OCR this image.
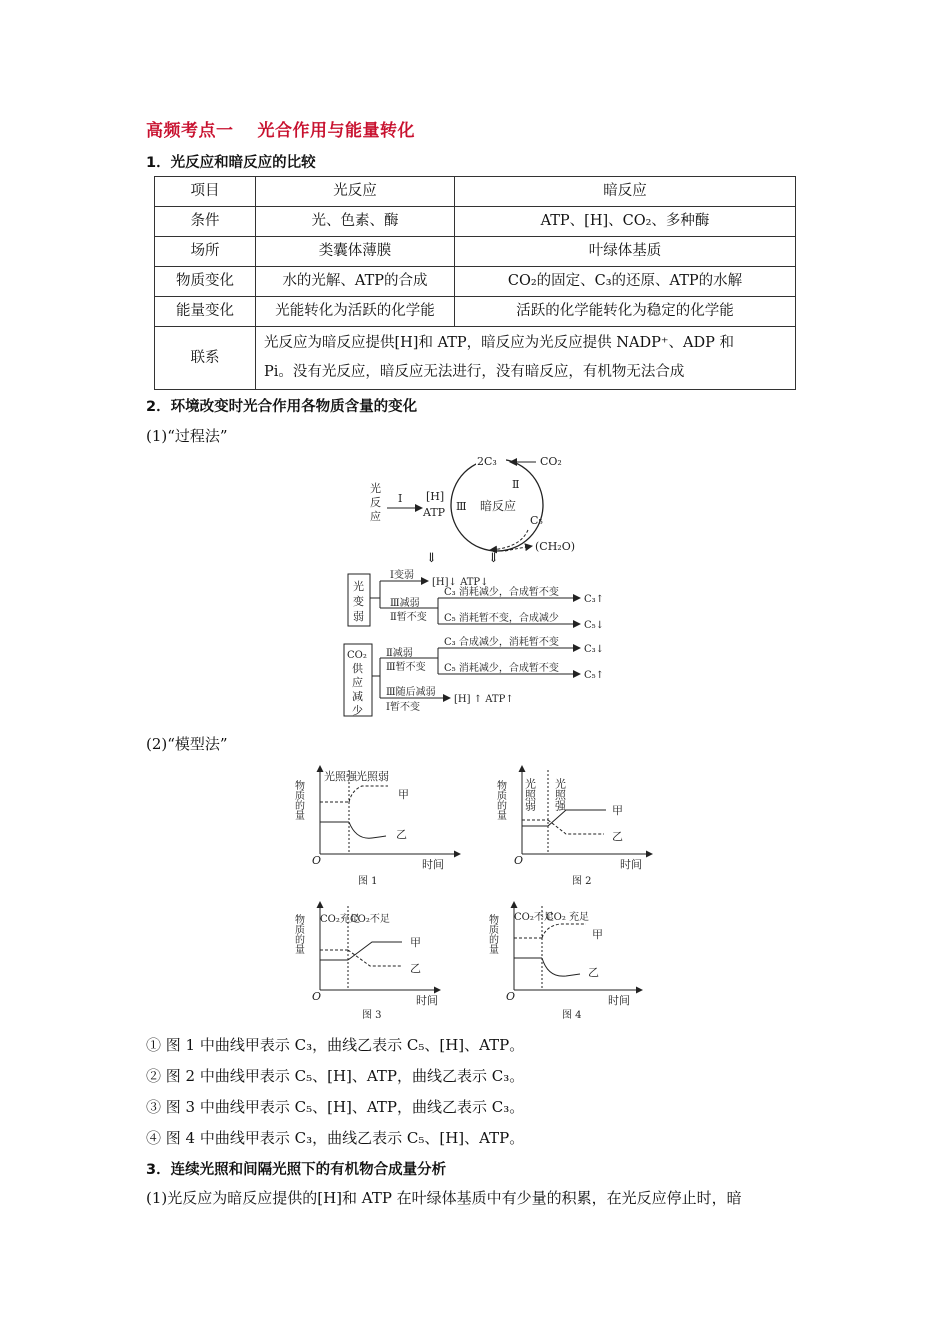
高频考点一 光合作用与能量转化
1．光反应和暗反应的比较
项目	光反应	暗反应
条件	光、色素、酶	ATP、[H]、CO₂、多种酶
场所	类囊体薄膜	叶绿体基质
物质变化	水的光解、ATP的合成	CO₂的固定、C₃的还原、ATP的水解
能量变化	光能转化为活跃的化学能	活跃的化学能转化为稳定的化学能
联系	光反应为暗反应提供[H]和 ATP，暗反应为光反应提供 NADP⁺、ADP 和
Pi。没有光反应，暗反应无法进行，没有暗反应，有机物无法合成	
2．环境改变时光合作用各物质含量的变化
(1)“过程法”
2C₃	CO₂
Ⅱ
Ⅲ 暗反应
C₅
(CH₂O)
光
反
应
Ⅰ [H]
ATP
⇓	⇓
光
变
弱
Ⅰ变弱
[H]↓ ATP↓
Ⅲ减弱
Ⅱ暂不变
C₃ 消耗减少，合成暂不变
C₅ 消耗暂不变，合成减少
C₃↑
C₅↓
CO₂
供
应
减
少
Ⅱ减弱
Ⅲ暂不变
C₃ 合成减少，消耗暂不变
C₅ 消耗减少，合成暂不变
C₃↓
C₅↑
Ⅲ随后减弱
Ⅰ暂不变
[H] ↑ ATP↑
(2)“模型法”
物质的量
O	时间
光照强 光照弱
甲
乙
图 1
物质的量
O	时间
光照弱 光照强	甲
乙
图 2
物质的量
O	时间
CO₂充足
CO₂不足
甲
乙
图 3
物质的量
O	时间
CO₂不足
CO₂ 充足
甲
乙
图 4
① 图 1 中曲线甲表示 C₃，曲线乙表示 C₅、[H]、ATP。
② 图 2 中曲线甲表示 C₅、[H]、ATP，曲线乙表示 C₃。
③ 图 3 中曲线甲表示 C₅、[H]、ATP，曲线乙表示 C₃。
④ 图 4 中曲线甲表示 C₃，曲线乙表示 C₅、[H]、ATP。
3．连续光照和间隔光照下的有机物合成量分析
(1)光反应为暗反应提供的[H]和 ATP 在叶绿体基质中有少量的积累，在光反应停止时，暗
